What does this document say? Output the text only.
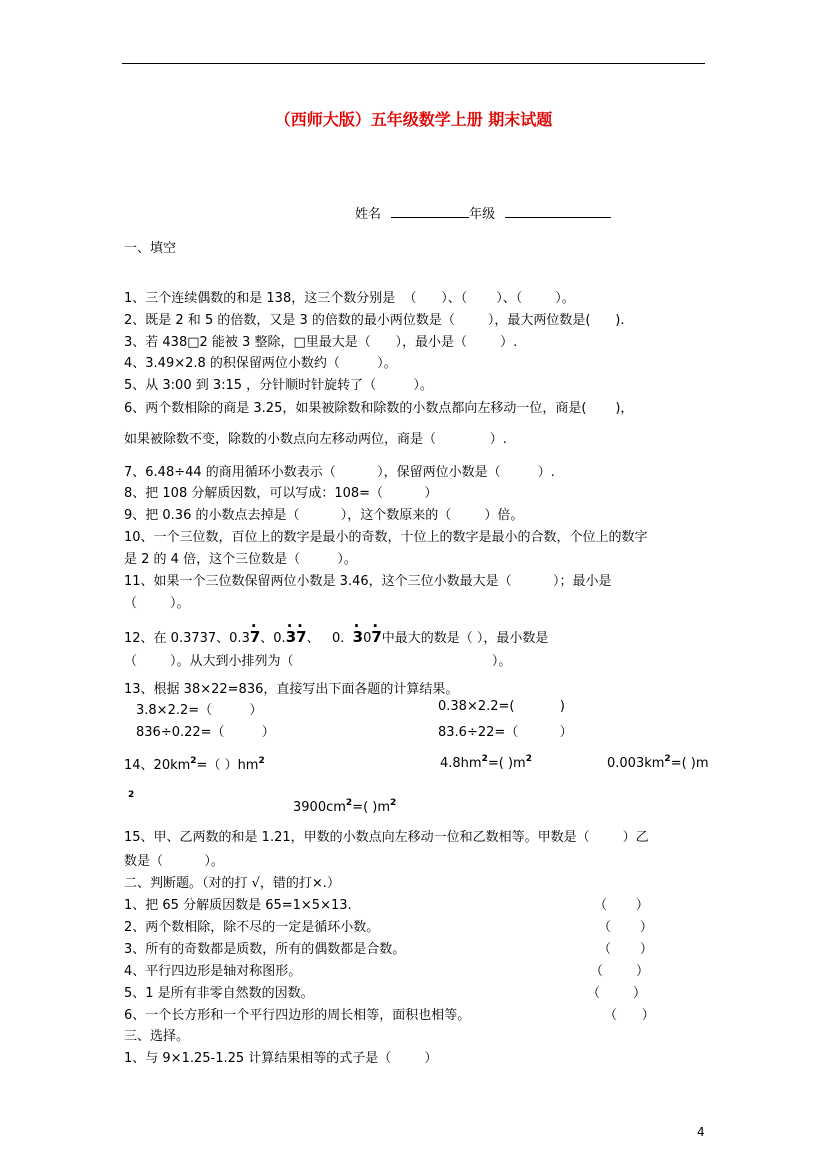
（西师大版）五年级数学上册 期末试题
姓名	年级
一、填空
1、三个连续偶数的和是 138，这三个数分别是  （      ）、（       ）、（        ）。
2、既是 2 和 5 的倍数，又是 3 的倍数的最小两位数是（        ），最大两位数是(      ).
3、若 438□2 能被 3 整除，□里最大是（      ），最小是（        ）.
4、3.49×2.8 的积保留两位小数约（         ）。
5、从 3:00 到 3:15 ，分针顺时针旋转了（         ）。
6、两个数相除的商是 3.25，如果被除数和除数的小数点都向左移动一位，商是(       )，
如果被除数不变，除数的小数点向左移动两位，商是（             ）.
7、6.48÷44 的商用循环小数表示（          ），保留两位小数是（         ）.
8、把 108 分解质因数，可以写成：108=（          ）
9、把 0.36 的小数点去掉是（          ），这个数原来的（        ）倍。
10、一个三位数，百位上的数字是最小的奇数，十位上的数字是最小的合数，个位上的数字
是 2 的 4 倍，这个三位数是（         ）。
11、如果一个三位数保留两位小数是 3.46，这个三位小数最大是（          ）；最小是
（        ）。
（        ）。从大到小排列为（                                                ）。
13、根据 38×22=836，直接写出下面各题的计算结果。
15、甲、乙两数的和是 1.21，甲数的小数点向左移动一位和乙数相等。甲数是（        ）乙
数是（          ）。
二、判断题。（对的打 √，错的打×.）
三、选择。
1、与 9×1.25-1.25 计算结果相等的式子是（        ）
12、在 0.3737、0.3· 7、0.· 3· 7、   0.  · 30· 7中最大的数是（ ），最小数是
3.8×2.2=（         ）	0.38×2.2=(           )
836÷0.22=（         ）	83.6÷22=（          ）
14、$20km^2=$（ ）$hm^2$	$4.8hm^2=$( )$m^2$	$0.003km^2=$( )m
$^2$
$3900cm^2=$( )$m^2$
1、把 65 分解质因数是 65=1×5×13.	（       ）
2、两个数相除，除不尽的一定是循环小数。	（       ）
3、所有的奇数都是质数，所有的偶数都是合数。	（       ）
4、平行四边形是轴对称图形。	（        ）
5、1 是所有非零自然数的因数。	（        ）
6、一个长方形和一个平行四边形的周长相等，面积也相等。	（      ）
4
